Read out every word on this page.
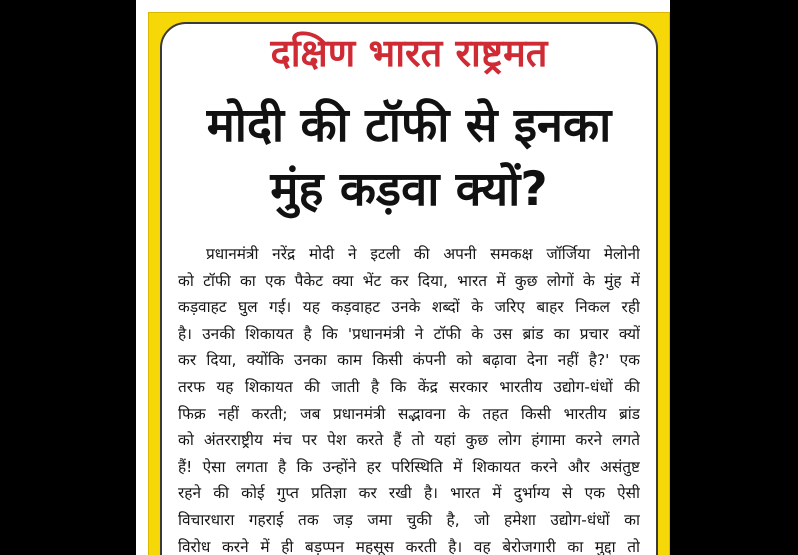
दक्षिण भारत राष्ट्रमत
मोदी की टॉफी से इनका
मुंह कड़वा क्यों?
प्रधानमंत्री नरेंद्र मोदी ने इटली की अपनी समकक्ष जॉर्जिया मेलोनी
को टॉफी का एक पैकेट क्या भेंट कर दिया, भारत में कुछ लोगों के मुंह में
कड़वाहट घुल गई। यह कड़वाहट उनके शब्दों के जरिए बाहर निकल रही
है। उनकी शिकायत है कि 'प्रधानमंत्री ने टॉफी के उस ब्रांड का प्रचार क्यों
कर दिया, क्योंकि उनका काम किसी कंपनी को बढ़ावा देना नहीं है?' एक
तरफ यह शिकायत की जाती है कि केंद्र सरकार भारतीय उद्योग-धंधों की
फिक्र नहीं करती; जब प्रधानमंत्री सद्भावना के तहत किसी भारतीय ब्रांड
को अंतरराष्ट्रीय मंच पर पेश करते हैं तो यहां कुछ लोग हंगामा करने लगते
हैं! ऐसा लगता है कि उन्होंने हर परिस्थिति में शिकायत करने और असंतुष्ट
रहने की कोई गुप्त प्रतिज्ञा कर रखी है। भारत में दुर्भाग्य से एक ऐसी
विचारधारा गहराई तक जड़ जमा चुकी है, जो हमेशा उद्योग-धंधों का
विरोध करने में ही बड़प्पन महसूस करती है। वह बेरोजगारी का मुद्दा तो
